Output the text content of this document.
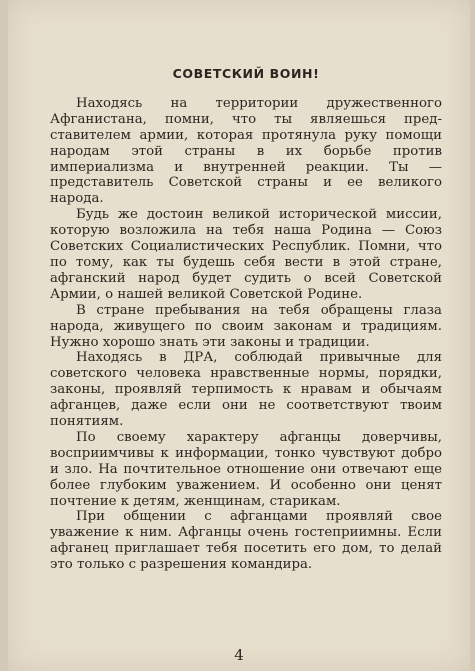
СОВЕТСКИЙ ВОИН!

Находясь на территории дружественного Афганистана, помни, что ты являешься представителем армии, которая протянула руку помощи народам этой страны в их борьбе против империализма и внутренней реакции. Ты — представитель Советской страны и ее великого народа.

Будь же достоин великой исторической миссии, которую возложила на тебя наша Родина — Союз Советских Социалистических Республик. Помни, что по тому, как ты будешь себя вести в этой стране, афганский народ будет судить о всей Советской Армии, о нашей великой Советской Родине.

В стране пребывания на тебя обращены глаза народа, живущего по своим законам и традициям. Нужно хорошо знать эти законы и традиции.

Находясь в ДРА, соблюдай привычные для советского человека нравственные нормы, порядки, законы, проявляй терпимость к нравам и обычаям афганцев, даже если они не соответствуют твоим понятиям.

По своему характеру афганцы доверчивы, восприимчивы к информации, тонко чувствуют добро и зло. На почтительное отношение они отвечают еще более глубоким уважением. И особенно они ценят почтение к детям, женщинам, старикам.

При общении с афганцами проявляй свое уважение к ним. Афганцы очень гостеприимны. Если афганец приглашает тебя посетить его дом, то делай это только с разрешения командира.

4
